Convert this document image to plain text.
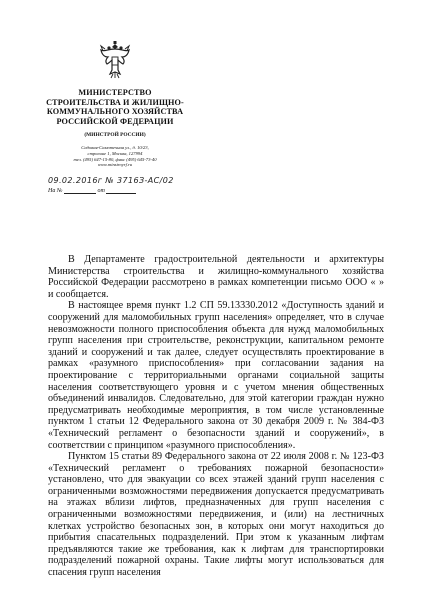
МИНИСТЕРСТВО
СТРОИТЕЛЬСТВА И ЖИЛИЩНО-
КОММУНАЛЬНОГО ХОЗЯЙСТВА
РОССИЙСКОЙ ФЕДЕРАЦИИ
(МИНСТРОЙ РОССИИ)
Садовая-Самотечная ул., д. 10/23,
строение 1, Москва, 127994
тел. (495) 647-15-80, факс (495) 645-73-40
www.minstroyrf.ru
09.02.2016г № 3716З-АС/02
На №	от

В Департаменте градостроительной деятельности и архитектуры Министерства строительства и жилищно-коммунального хозяйства Российской Федерации рассмотрено в рамках компетенции письмо ООО « » и сообщается.

В настоящее время пункт 1.2 СП 59.13330.2012 «Доступность зданий и сооружений для маломобильных групп населения» определяет, что в случае невозможности полного приспособления объекта для нужд маломобильных групп населения при строительстве, реконструкции, капитальном ремонте зданий и сооружений и так далее, следует осуществлять проектирование в рамках «разумного приспособления» при согласовании задания на проектирование с территориальными органами социальной защиты населения соответствующего уровня и с учетом мнения общественных объединений инвалидов. Следовательно, для этой категории граждан нужно предусматривать необходимые мероприятия, в том числе установленные пунктом 1 статьи 12 Федерального закона от 30 декабря 2009 г. № 384-ФЗ «Технический регламент о безопасности зданий и сооружений», в соответствии с принципом «разумного приспособления».

Пунктом 15 статьи 89 Федерального закона от 22 июля 2008 г. № 123-ФЗ «Технический регламент о требованиях пожарной безопасности» установлено, что для эвакуации со всех этажей зданий групп населения с ограниченными возможностями передвижения допускается предусматривать на этажах вблизи лифтов, предназначенных для групп населения с ограниченными возможностями передвижения, и (или) на лестничных клетках устройство безопасных зон, в которых они могут находиться до прибытия спасательных подразделений. При этом к указанным лифтам предъявляются такие же требования, как к лифтам для транспортировки подразделений пожарной охраны. Такие лифты могут использоваться для спасения групп населения
